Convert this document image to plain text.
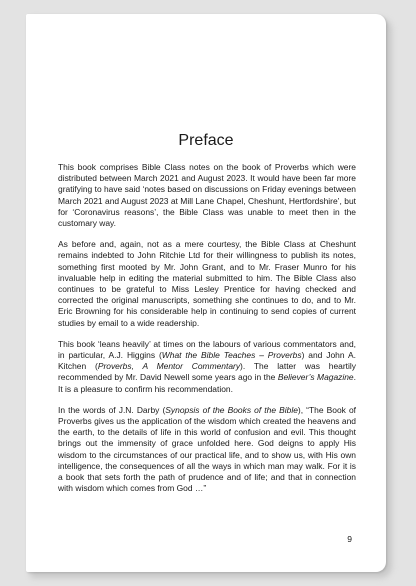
Preface

This book comprises Bible Class notes on the book of Proverbs which were distributed between March 2021 and August 2023. It would have been far more gratifying to have said ‘notes based on discussions on Friday evenings between March 2021 and August 2023 at Mill Lane Chapel, Cheshunt, Hertfordshire’, but for ‘Coronavirus reasons’, the Bible Class was unable to meet then in the customary way.

As before and, again, not as a mere courtesy, the Bible Class at Cheshunt remains indebted to John Ritchie Ltd for their willingness to publish its notes, something first mooted by Mr. John Grant, and to Mr. Fraser Munro for his invaluable help in editing the material submitted to him. The Bible Class also continues to be grateful to Miss Lesley Prentice for having checked and corrected the original manuscripts, something she continues to do, and to Mr. Eric Browning for his considerable help in continuing to send copies of current studies by email to a wide readership.

This book ‘leans heavily’ at times on the labours of various commentators and, in particular, A.J. Higgins (What the Bible Teaches – Proverbs) and John A. Kitchen (Proverbs, A Mentor Commentary). The latter was heartily recommended by Mr. David Newell some years ago in the Believer’s Magazine. It is a pleasure to confirm his recommendation.

In the words of J.N. Darby (Synopsis of the Books of the Bible), “The Book of Proverbs gives us the application of the wisdom which created the heavens and the earth, to the details of life in this world of confusion and evil. This thought brings out the immensity of grace unfolded here. God deigns to apply His wisdom to the circumstances of our practical life, and to show us, with His own intelligence, the consequences of all the ways in which man may walk. For it is a book that sets forth the path of prudence and of life; and that in connection with wisdom which comes from God …”

9
